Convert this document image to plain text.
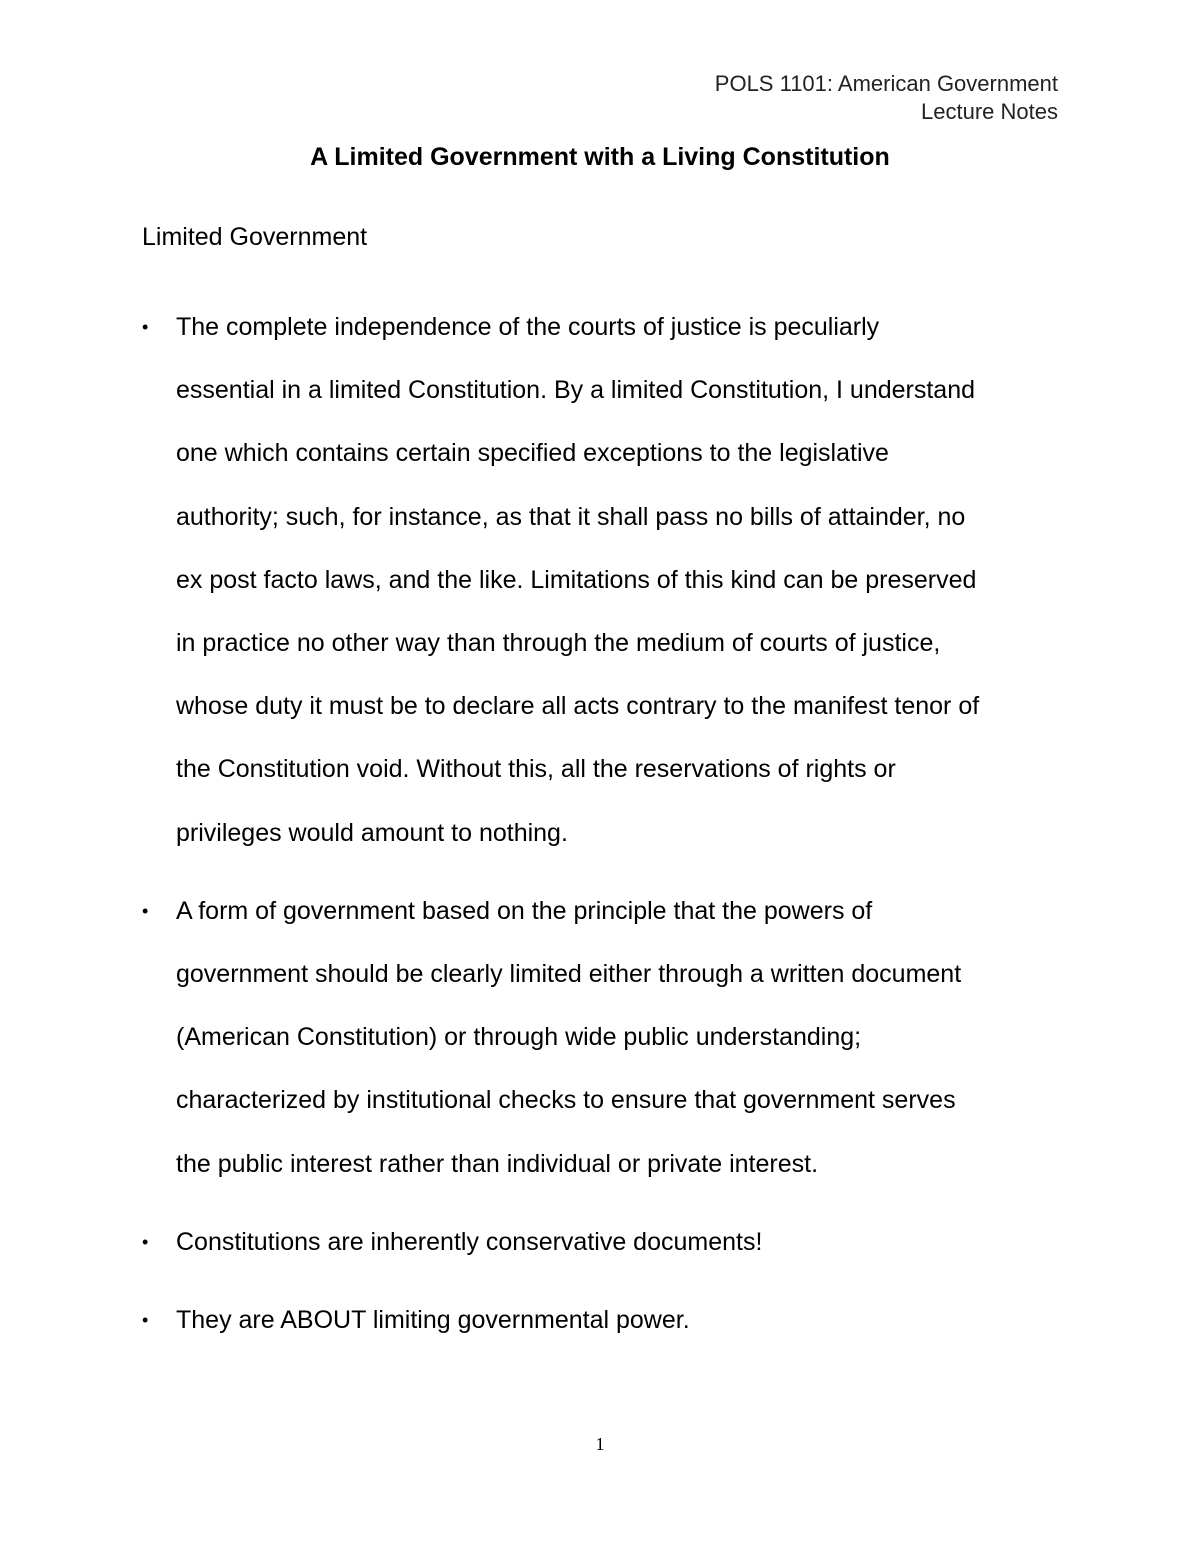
POLS 1101: American Government
Lecture Notes
A Limited Government with a Living Constitution
Limited Government
•	The complete independence of the courts of justice is peculiarly
essential in a limited Constitution. By a limited Constitution, I understand
one which contains certain specified exceptions to the legislative
authority; such, for instance, as that it shall pass no bills of attainder, no
ex post facto laws, and the like. Limitations of this kind can be preserved
in practice no other way than through the medium of courts of justice,
whose duty it must be to declare all acts contrary to the manifest tenor of
the Constitution void. Without this, all the reservations of rights or
privileges would amount to nothing.
•	A form of government based on the principle that the powers of
government should be clearly limited either through a written document
(American Constitution) or through wide public understanding;
characterized by institutional checks to ensure that government serves
the public interest rather than individual or private interest.
•	Constitutions are inherently conservative documents!
•	They are ABOUT limiting governmental power.
1
